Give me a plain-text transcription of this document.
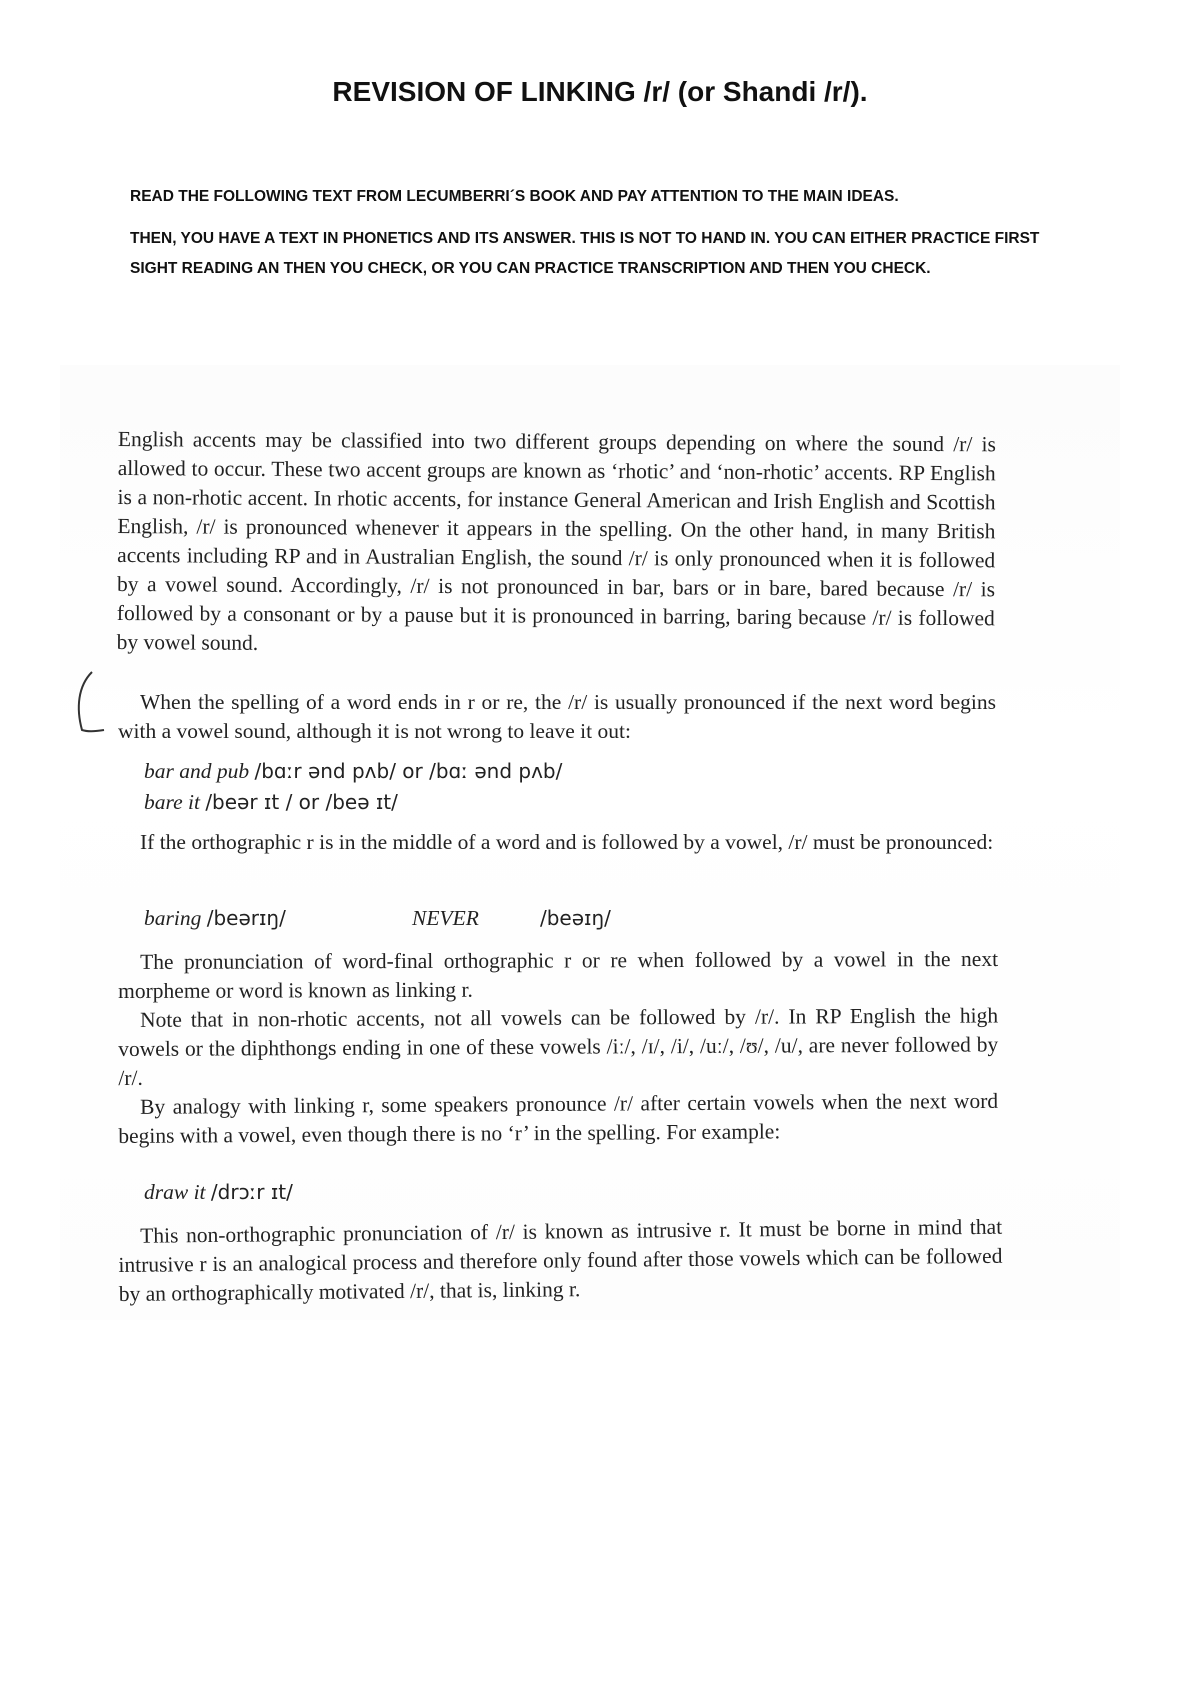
REVISION OF LINKING /r/ (or Shandi /r/).

READ THE FOLLOWING TEXT FROM LECUMBERRI´S BOOK AND PAY ATTENTION TO THE MAIN IDEAS.

THEN, YOU HAVE A TEXT IN PHONETICS AND ITS ANSWER. THIS IS NOT TO HAND IN. YOU CAN EITHER PRACTICE FIRST SIGHT READING AN THEN YOU CHECK, OR YOU CAN PRACTICE TRANSCRIPTION AND THEN YOU CHECK.

English accents may be classified into two different groups depending on where the sound /r/ is allowed to occur. These two accent groups are known as ‘rhotic’ and ‘non-rhotic’ accents. RP English is a non-rhotic accent. In rhotic accents, for instance General American and Irish English and Scottish English, /r/ is pronounced whenever it appears in the spelling. On the other hand, in many British accents including RP and in Australian English, the sound /r/ is only pronounced when it is followed by a vowel sound. Accordingly, /r/ is not pronounced in bar, bars or in bare, bared because /r/ is followed by a consonant or by a pause but it is pronounced in barring, baring because /r/ is followed by vowel sound.

When the spelling of a word ends in r or re, the /r/ is usually pronounced if the next word begins with a vowel sound, although it is not wrong to leave it out:

bar and pub /bɑːr ənd pʌb/ or /bɑː ənd pʌb/

bare it /beər ɪt / or /beə ɪt/

If the orthographic r is in the middle of a word and is followed by a vowel, /r/ must be pronounced:

baring /beərɪŋ/	NEVER	/beəɪŋ/

The pronunciation of word-final orthographic r or re when followed by a vowel in the next morpheme or word is known as linking r.

Note that in non-rhotic accents, not all vowels can be followed by /r/. In RP English the high vowels or the diphthongs ending in one of these vowels /iː/, /ɪ/, /i/, /uː/, /ʊ/, /u/, are never followed by /r/.

By analogy with linking r, some speakers pronounce /r/ after certain vowels when the next word begins with a vowel, even though there is no ‘r’ in the spelling. For example:

draw it /drɔːr ɪt/

This non-orthographic pronunciation of /r/ is known as intrusive r. It must be borne in mind that intrusive r is an analogical process and therefore only found after those vowels which can be followed by an orthographically motivated /r/, that is, linking r.
